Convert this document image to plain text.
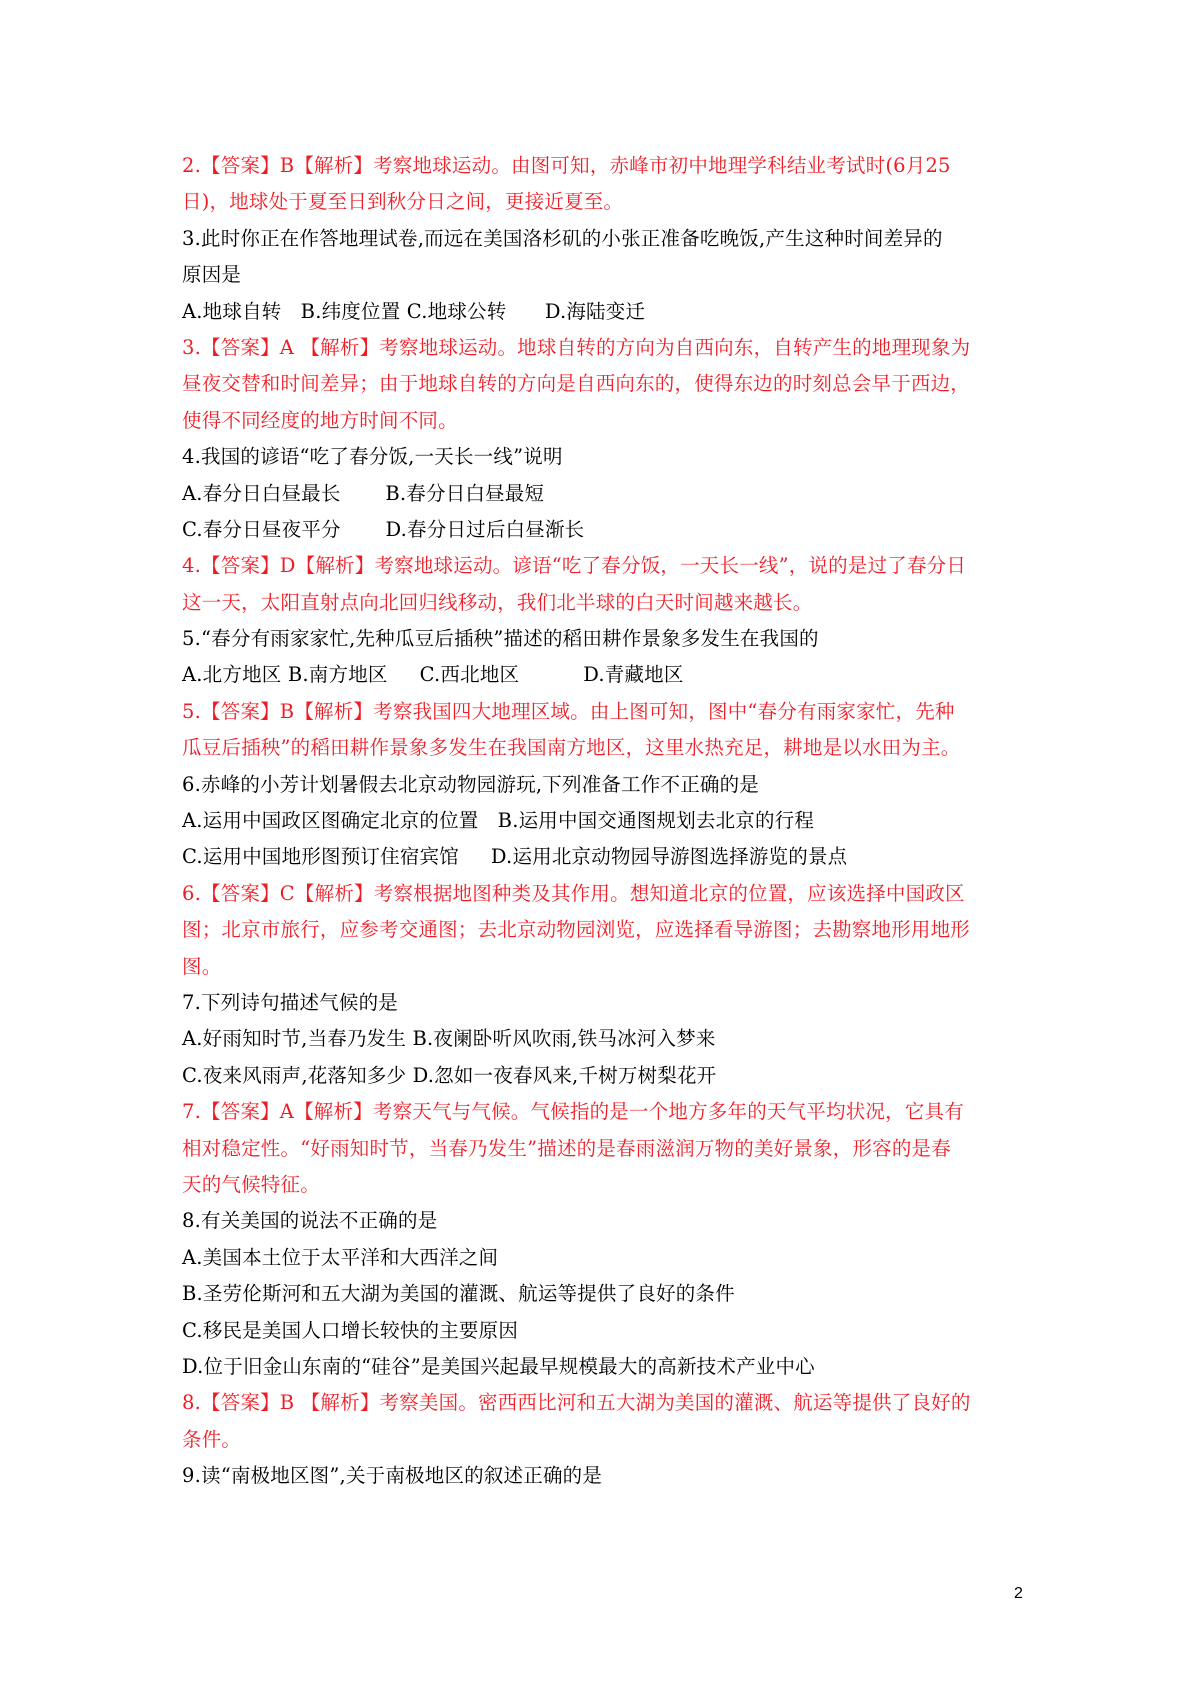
2.【答案】B【解析】考察地球运动。由图可知，赤峰市初中地理学科结业考试时(6月25
日)，地球处于夏至日到秋分日之间，更接近夏至。
3.此时你正在作答地理试卷,而远在美国洛杉矶的小张正准备吃晚饭,产生这种时间差异的
原因是
A.地球自转   B.纬度位置 C.地球公转      D.海陆变迁
3.【答案】A 【解析】考察地球运动。地球自转的方向为自西向东，自转产生的地理现象为
昼夜交替和时间差异；由于地球自转的方向是自西向东的，使得东边的时刻总会早于西边，
使得不同经度的地方时间不同。
4.我国的谚语“吃了春分饭,一天长一线”说明
A.春分日白昼最长       B.春分日白昼最短
C.春分日昼夜平分       D.春分日过后白昼渐长
4.【答案】D【解析】考察地球运动。谚语“吃了春分饭，一天长一线”，说的是过了春分日
这一天，太阳直射点向北回归线移动，我们北半球的白天时间越来越长。
5.“春分有雨家家忙,先种瓜豆后插秧”描述的稻田耕作景象多发生在我国的
A.北方地区 B.南方地区     C.西北地区          D.青藏地区
5.【答案】B【解析】考察我国四大地理区域。由上图可知，图中“春分有雨家家忙，先种
瓜豆后插秧”的稻田耕作景象多发生在我国南方地区，这里水热充足，耕地是以水田为主。
6.赤峰的小芳计划暑假去北京动物园游玩,下列准备工作不正确的是
A.运用中国政区图确定北京的位置   B.运用中国交通图规划去北京的行程
C.运用中国地形图预订住宿宾馆     D.运用北京动物园导游图选择游览的景点
6.【答案】C【解析】考察根据地图种类及其作用。想知道北京的位置，应该选择中国政区
图；北京市旅行，应参考交通图；去北京动物园浏览，应选择看导游图；去勘察地形用地形
图。
7.下列诗句描述气候的是
A.好雨知时节,当春乃发生 B.夜阑卧听风吹雨,铁马冰河入梦来
C.夜来风雨声,花落知多少 D.忽如一夜春风来,千树万树梨花开
7.【答案】A【解析】考察天气与气候。气候指的是一个地方多年的天气平均状况，它具有
相对稳定性。“好雨知时节，当春乃发生”描述的是春雨滋润万物的美好景象，形容的是春
天的气候特征。
8.有关美国的说法不正确的是
A.美国本土位于太平洋和大西洋之间
B.圣劳伦斯河和五大湖为美国的灌溉、航运等提供了良好的条件
C.移民是美国人口增长较快的主要原因
D.位于旧金山东南的“硅谷”是美国兴起最早规模最大的高新技术产业中心
8.【答案】B 【解析】考察美国。密西西比河和五大湖为美国的灌溉、航运等提供了良好的
条件。
9.读“南极地区图”,关于南极地区的叙述正确的是
2
